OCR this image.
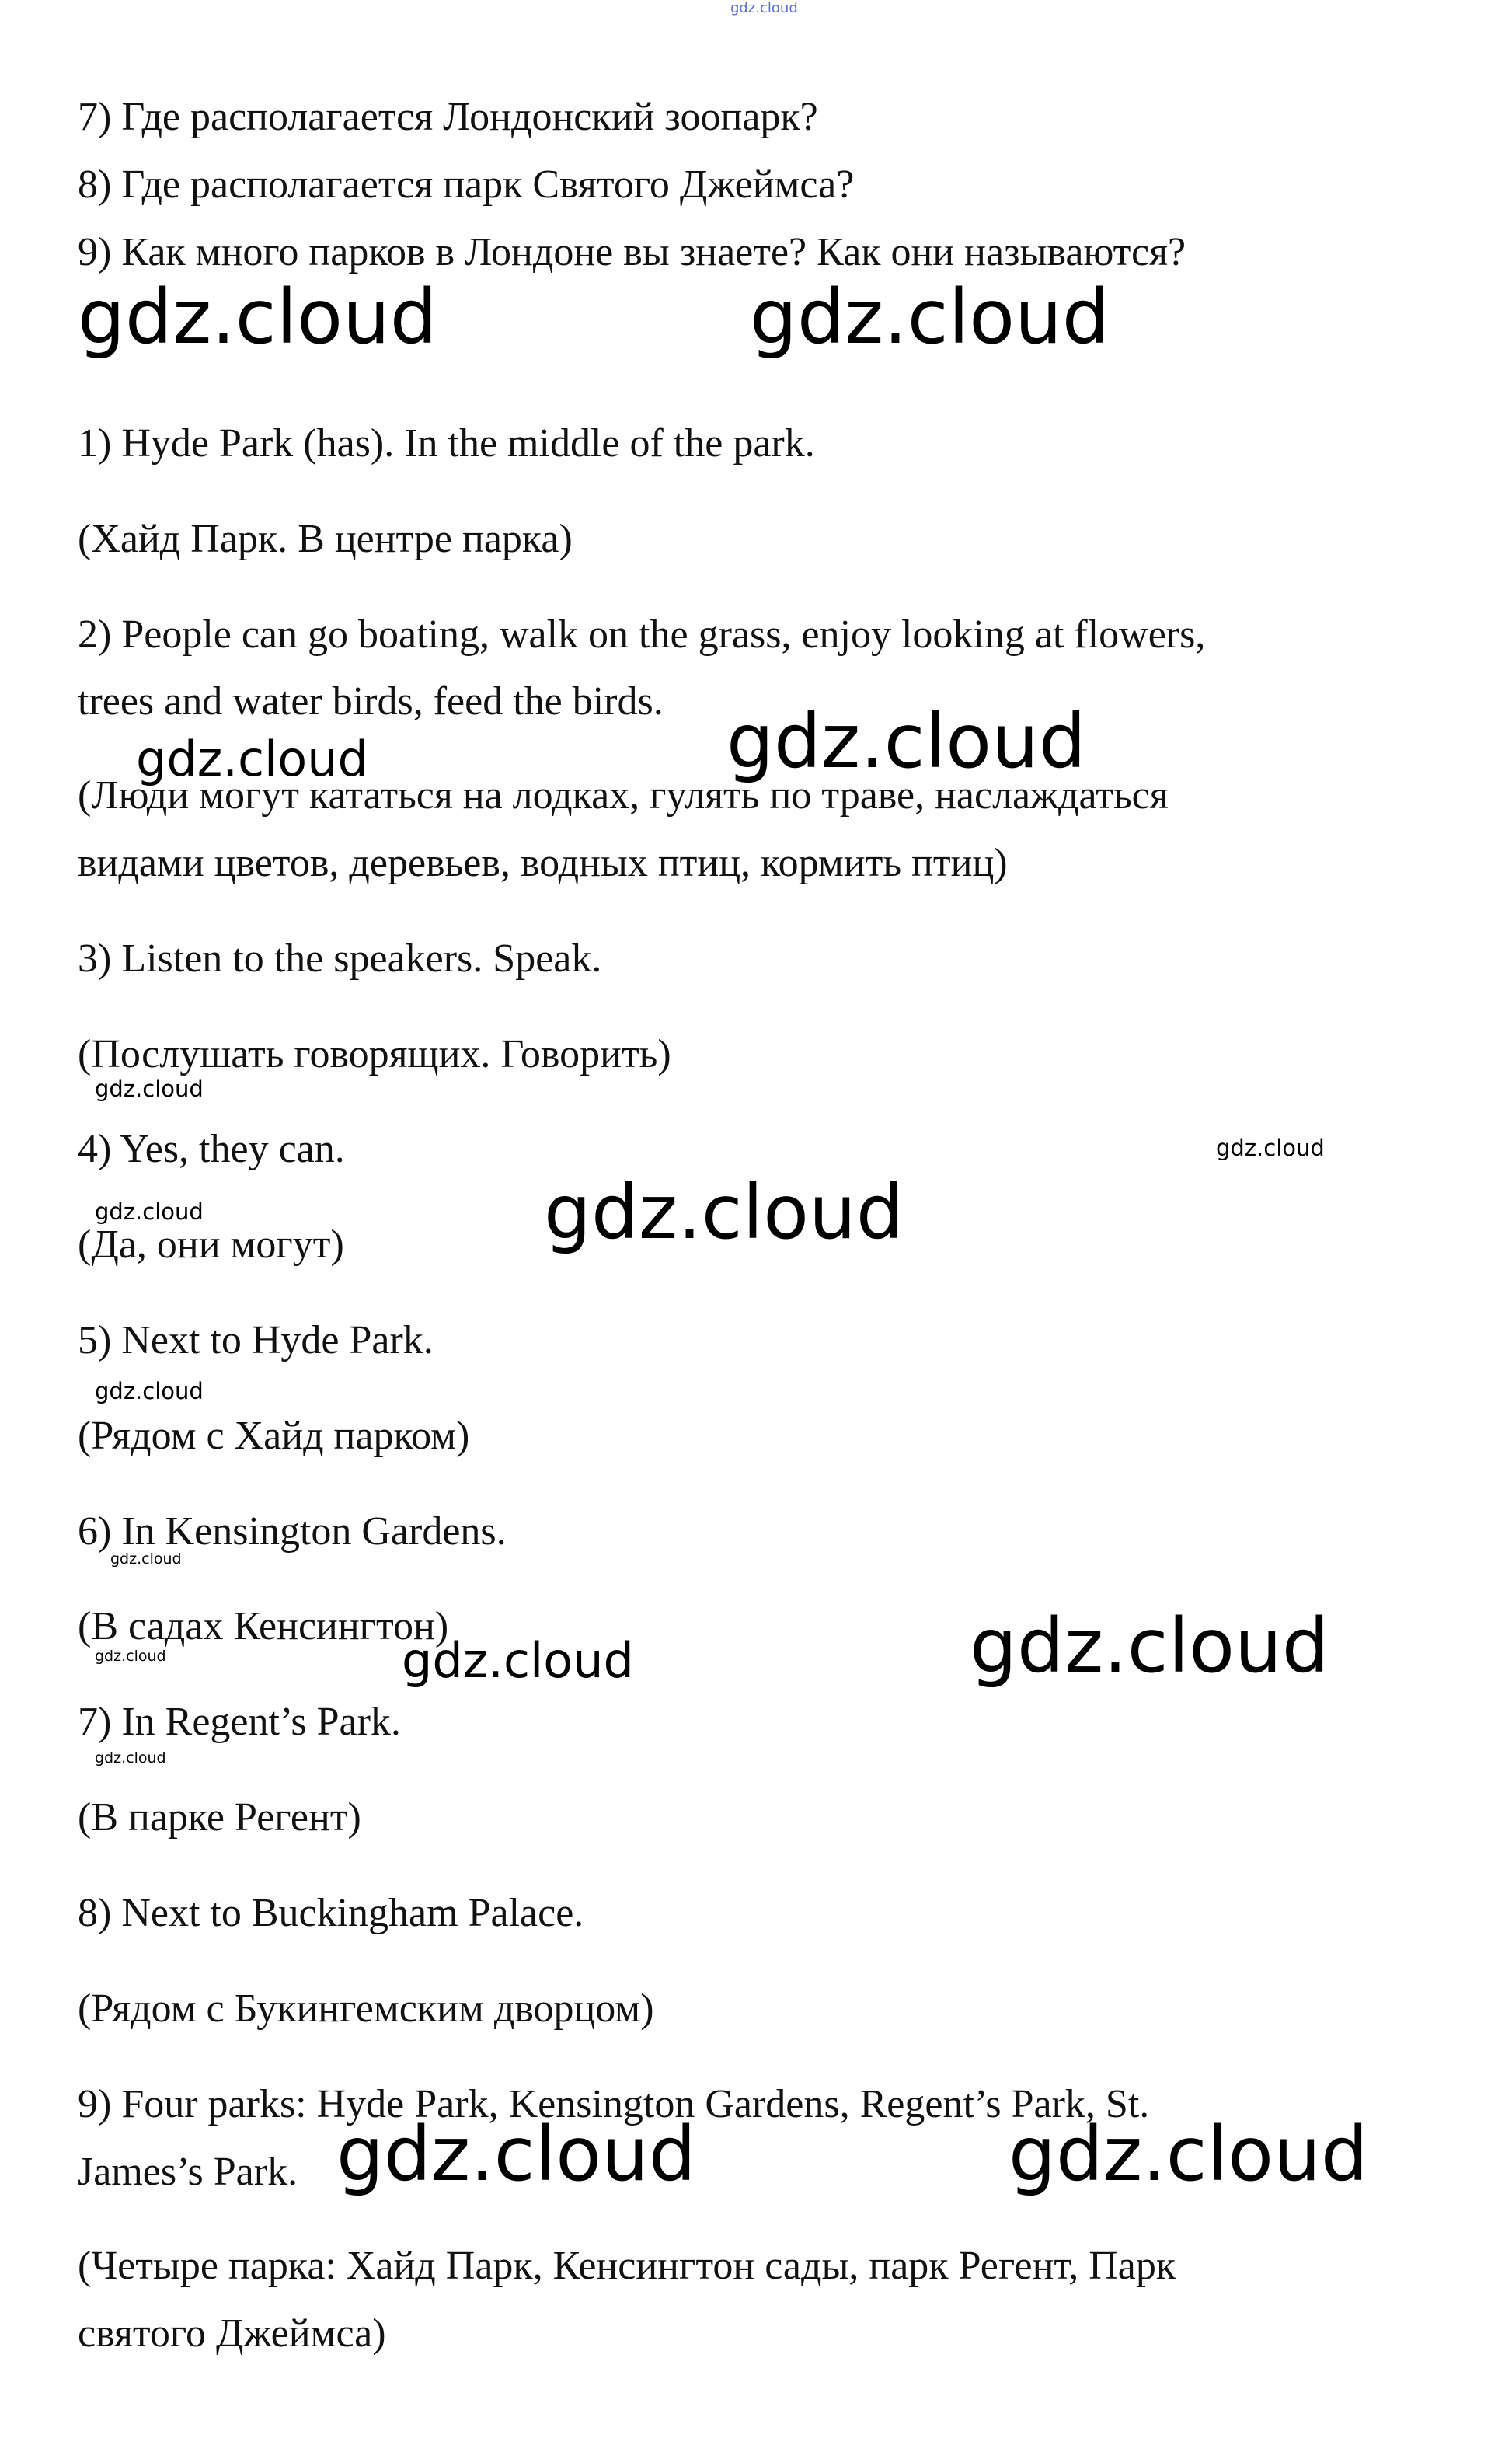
gdz.cloud
7) Где располагается Лондонский зоопарк?
8) Где располагается парк Святого Джеймса?
9) Как много парков в Лондоне вы знаете? Как они называются?
gdz.cloud	gdz.cloud
1) Hyde Park (has). In the middle of the park.
(Хайд Парк. В центре парка)
2) People can go boating, walk on the grass, enjoy looking at flowers,
trees and water birds, feed the birds.
(Люди могут кататься на лодках, гулять по траве, наслаждаться
видами цветов, деревьев, водных птиц, кормить птиц)
gdz.cloud	gdz.cloud
3) Listen to the speakers. Speak.
(Послушать говорящих. Говорить)
gdz.cloud
4) Yes, they can.	gdz.cloud
gdz.cloud
(Да, они могут)	gdz.cloud
5) Next to Hyde Park.
gdz.cloud
(Рядом с Хайд парком)
6) In Kensington Gardens.
gdz.cloud
(В садах Кенсингтон)
gdz.cloud	gdz.cloud	gdz.cloud
7) In Regent’s Park.
gdz.cloud
(В парке Регент)
8) Next to Buckingham Palace.
(Рядом с Букингемским дворцом)
9) Four parks: Hyde Park, Kensington Gardens, Regent’s Park, St.
James’s Park. gdz.cloud	gdz.cloud
(Четыре парка: Хайд Парк, Кенсингтон сады, парк Регент, Парк
святого Джеймса)
